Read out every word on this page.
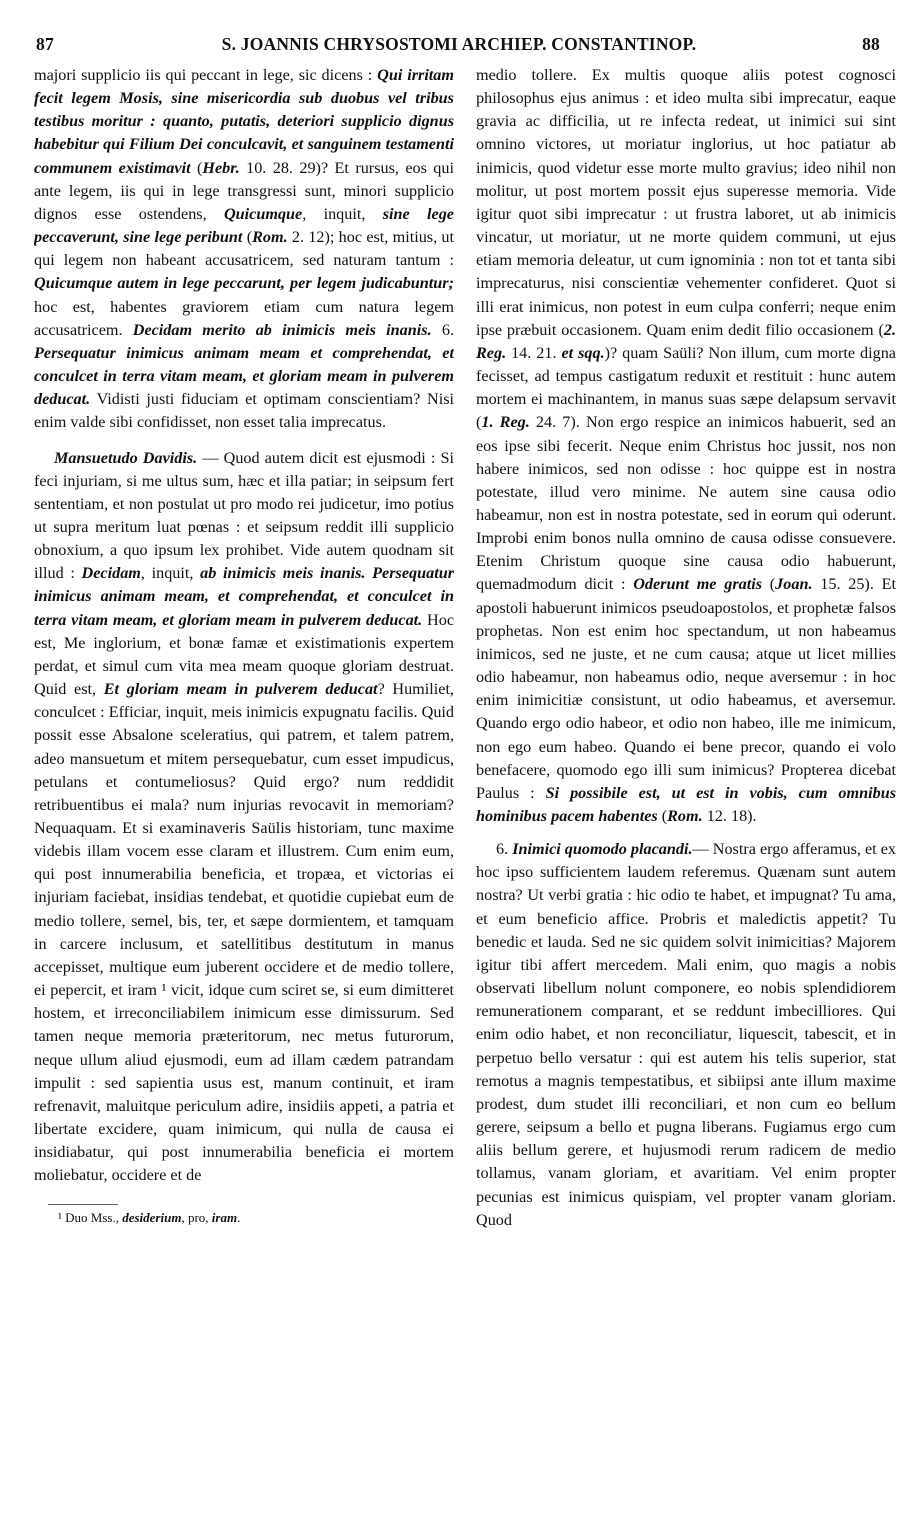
87	S. JOANNIS CHRYSOSTOMI ARCHIEP. CONSTANTINOP.	88

majori supplicio iis qui peccant in lege, sic dicens : Qui irritam fecit legem Mosis, sine misericordia sub duobus vel tribus testibus moritur : quanto, putatis, deteriori supplicio dignus habebitur qui Filium Dei conculcavit, et sanguinem testamenti communem existimavit (Hebr. 10. 28. 29)? Et rursus, eos qui ante legem, iis qui in lege transgressi sunt, minori supplicio dignos esse ostendens, Quicumque, inquit, sine lege peccaverunt, sine lege peribunt (Rom. 2. 12); hoc est, mitius, ut qui legem non habeant accusatricem, sed naturam tantum : Quicumque autem in lege peccarunt, per legem judicabuntur; hoc est, habentes graviorem etiam cum natura legem accusatricem. Decidam merito ab inimicis meis inanis. 6. Persequatur inimicus animam meam et comprehendat, et conculcet in terra vitam meam, et gloriam meam in pulverem deducat. Vidisti justi fiduciam et optimam conscientiam? Nisi enim valde sibi confidisset, non esset talia imprecatus.

Mansuetudo Davidis. — Quod autem dicit est ejusmodi : Si feci injuriam, si me ultus sum, hæc et illa patiar; in seipsum fert sententiam, et non postulat ut pro modo rei judicetur, imo potius ut supra meritum luat pœnas : et seipsum reddit illi supplicio obnoxium, a quo ipsum lex prohibet. Vide autem quodnam sit illud : Decidam, inquit, ab inimicis meis inanis. Persequatur inimicus animam meam, et comprehendat, et conculcet in terra vitam meam, et gloriam meam in pulverem deducat. Hoc est, Me inglorium, et bonæ famæ et existimationis expertem perdat, et simul cum vita mea meam quoque gloriam destruat. Quid est, Et gloriam meam in pulverem deducat? Humiliet, conculcet : Efficiar, inquit, meis inimicis expugnatu facilis. Quid possit esse Absalone sceleratius, qui patrem, et talem patrem, adeo mansuetum et mitem persequebatur, cum esset impudicus, petulans et contumeliosus? Quid ergo? num reddidit retribuentibus ei mala? num injurias revocavit in memoriam? Nequaquam. Et si examinaveris Saülis historiam, tunc maxime videbis illam vocem esse claram et illustrem. Cum enim eum, qui post innumerabilia beneficia, et tropæa, et victorias ei injuriam faciebat, insidias tendebat, et quotidie cupiebat eum de medio tollere, semel, bis, ter, et sæpe dormientem, et tamquam in carcere inclusum, et satellitibus destitutum in manus accepisset, multique eum juberent occidere et de medio tollere, ei pepercit, et iram ¹ vicit, idque cum sciret se, si eum dimitteret hostem, et irreconciliabilem inimicum esse dimissurum. Sed tamen neque memoria præteritorum, nec metus futurorum, neque ullum aliud ejusmodi, eum ad illam cædem patrandam impulit : sed sapientia usus est, manum continuit, et iram refrenavit, maluitque periculum adire, insidiis appeti, a patria et libertate excidere, quam inimicum, qui nulla de causa ei insidiabatur, qui post innumerabilia beneficia ei mortem moliebatur, occidere et de

¹ Duo Mss., desiderium, pro, iram.

medio tollere. Ex multis quoque aliis potest cognosci philosophus ejus animus : et ideo multa sibi imprecatur, eaque gravia ac difficilia, ut re infecta redeat, ut inimici sui sint omnino victores, ut moriatur inglorius, ut hoc patiatur ab inimicis, quod videtur esse morte multo gravius; ideo nihil non molitur, ut post mortem possit ejus superesse memoria. Vide igitur quot sibi imprecatur : ut frustra laboret, ut ab inimicis vincatur, ut moriatur, ut ne morte quidem communi, ut ejus etiam memoria deleatur, ut cum ignominia : non tot et tanta sibi imprecaturus, nisi conscientiæ vehementer confideret. Quot si illi erat inimicus, non potest in eum culpa conferri; neque enim ipse præbuit occasionem. Quam enim dedit filio occasionem (2. Reg. 14. 21. et sqq.)? quam Saüli? Non illum, cum morte digna fecisset, ad tempus castigatum reduxit et restituit : hunc autem mortem ei machinantem, in manus suas sæpe delapsum servavit (1. Reg. 24. 7). Non ergo respice an inimicos habuerit, sed an eos ipse sibi fecerit. Neque enim Christus hoc jussit, nos non habere inimicos, sed non odisse : hoc quippe est in nostra potestate, illud vero minime. Ne autem sine causa odio habeamur, non est in nostra potestate, sed in eorum qui oderunt. Improbi enim bonos nulla omnino de causa odisse consuevere. Etenim Christum quoque sine causa odio habuerunt, quemadmodum dicit : Oderunt me gratis (Joan. 15. 25). Et apostoli habuerunt inimicos pseudoapostolos, et prophetæ falsos prophetas. Non est enim hoc spectandum, ut non habeamus inimicos, sed ne juste, et ne cum causa; atque ut licet millies odio habeamur, non habeamus odio, neque aversemur : in hoc enim inimicitiæ consistunt, ut odio habeamus, et aversemur. Quando ergo odio habeor, et odio non habeo, ille me inimicum, non ego eum habeo. Quando ei bene precor, quando ei volo benefacere, quomodo ego illi sum inimicus? Propterea dicebat Paulus : Si possibile est, ut est in vobis, cum omnibus hominibus pacem habentes (Rom. 12. 18).

6. Inimici quomodo placandi.— Nostra ergo afferamus, et ex hoc ipso sufficientem laudem referemus. Quænam sunt autem nostra? Ut verbi gratia : hic odio te habet, et impugnat? Tu ama, et eum beneficio affice. Probris et maledictis appetit? Tu benedic et lauda. Sed ne sic quidem solvit inimicitias? Majorem igitur tibi affert mercedem. Mali enim, quo magis a nobis observati libellum nolunt componere, eo nobis splendidiorem remunerationem comparant, et se reddunt imbecilliores. Qui enim odio habet, et non reconciliatur, liquescit, tabescit, et in perpetuo bello versatur : qui est autem his telis superior, stat remotus a magnis tempestatibus, et sibiipsi ante illum maxime prodest, dum studet illi reconciliari, et non cum eo bellum gerere, seipsum a bello et pugna liberans. Fugiamus ergo cum aliis bellum gerere, et hujusmodi rerum radicem de medio tollamus, vanam gloriam, et avaritiam. Vel enim propter pecunias est inimicus quispiam, vel propter vanam gloriam. Quod
